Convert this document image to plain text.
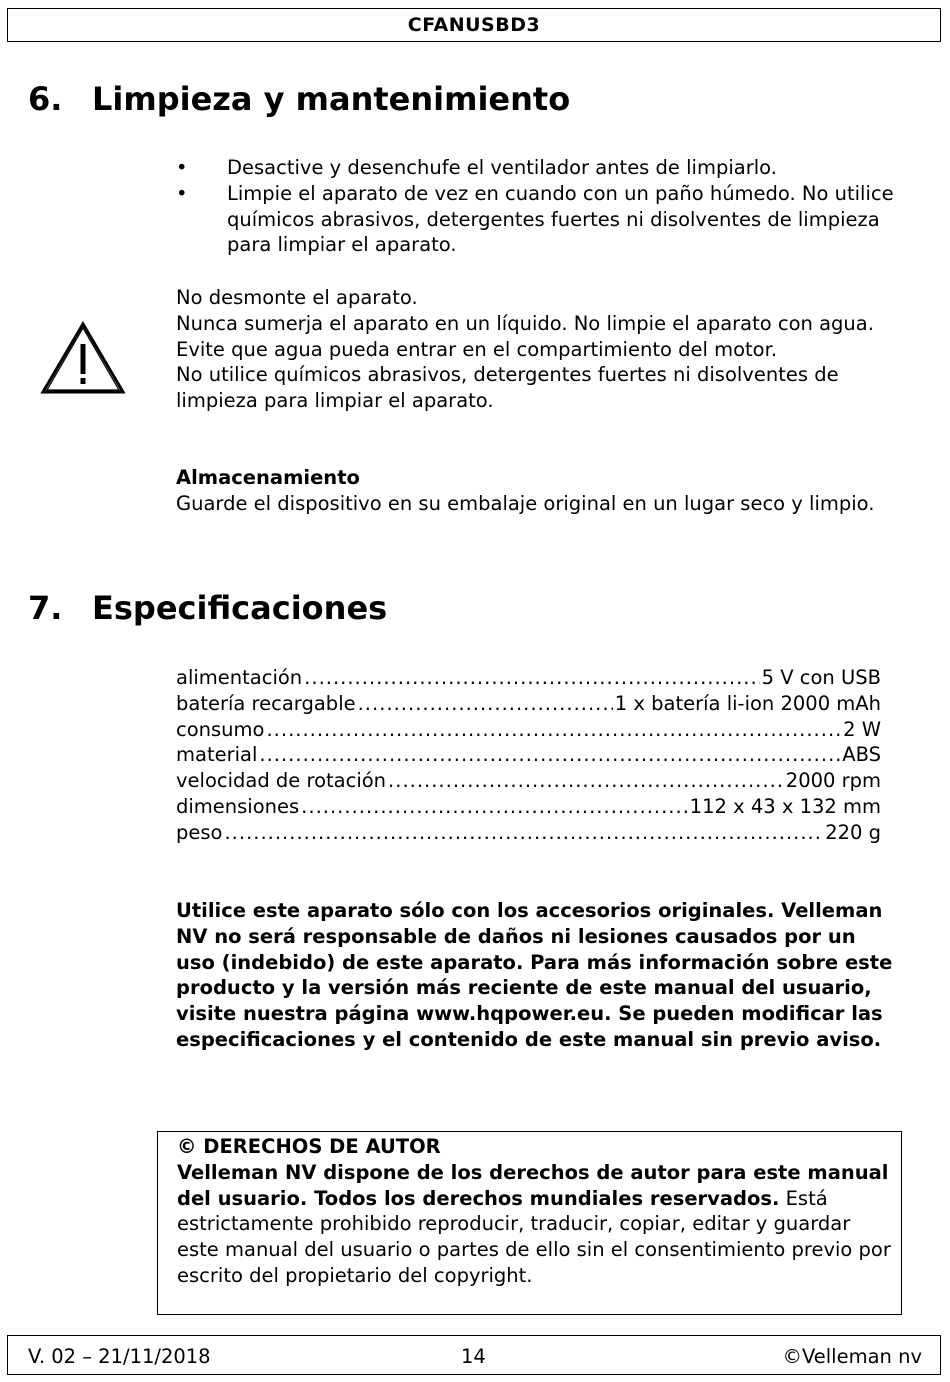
CFANUSBD3
6. Limpieza y mantenimiento
• Desactive y desenchufe el ventilador antes de limpiarlo.
• Limpie el aparato de vez en cuando con un paño húmedo. No utilice químicos abrasivos, detergentes fuertes ni disolventes de limpieza para limpiar el aparato.

No desmonte el aparato.

Nunca sumerja el aparato en un líquido. No limpie el aparato con agua. Evite que agua pueda entrar en el compartimiento del motor.

No utilice químicos abrasivos, detergentes fuertes ni disolventes de limpieza para limpiar el aparato.

Almacenamiento

Guarde el dispositivo en su embalaje original en un lugar seco y limpio.

7. Especificaciones
alimentación .....	5 V con USB
batería recargable .....	1 x batería li-ion 2000 mAh
consumo .....	2 W
material .....	ABS
velocidad de rotación .....	2000 rpm
dimensiones .....	112 x 43 x 132 mm
peso .....	220 g

Utilice este aparato sólo con los accesorios originales. Velleman NV no será responsable de daños ni lesiones causados por un uso (indebido) de este aparato. Para más información sobre este producto y la versión más reciente de este manual del usuario, visite nuestra página www.hqpower.eu. Se pueden modificar las especificaciones y el contenido de este manual sin previo aviso.

© DERECHOS DE AUTOR

Velleman NV dispone de los derechos de autor para este manual del usuario. Todos los derechos mundiales reservados. Está estrictamente prohibido reproducir, traducir, copiar, editar y guardar este manual del usuario o partes de ello sin el consentimiento previo por escrito del propietario del copyright.

V. 02 – 21/11/2018	14	©Velleman nv
